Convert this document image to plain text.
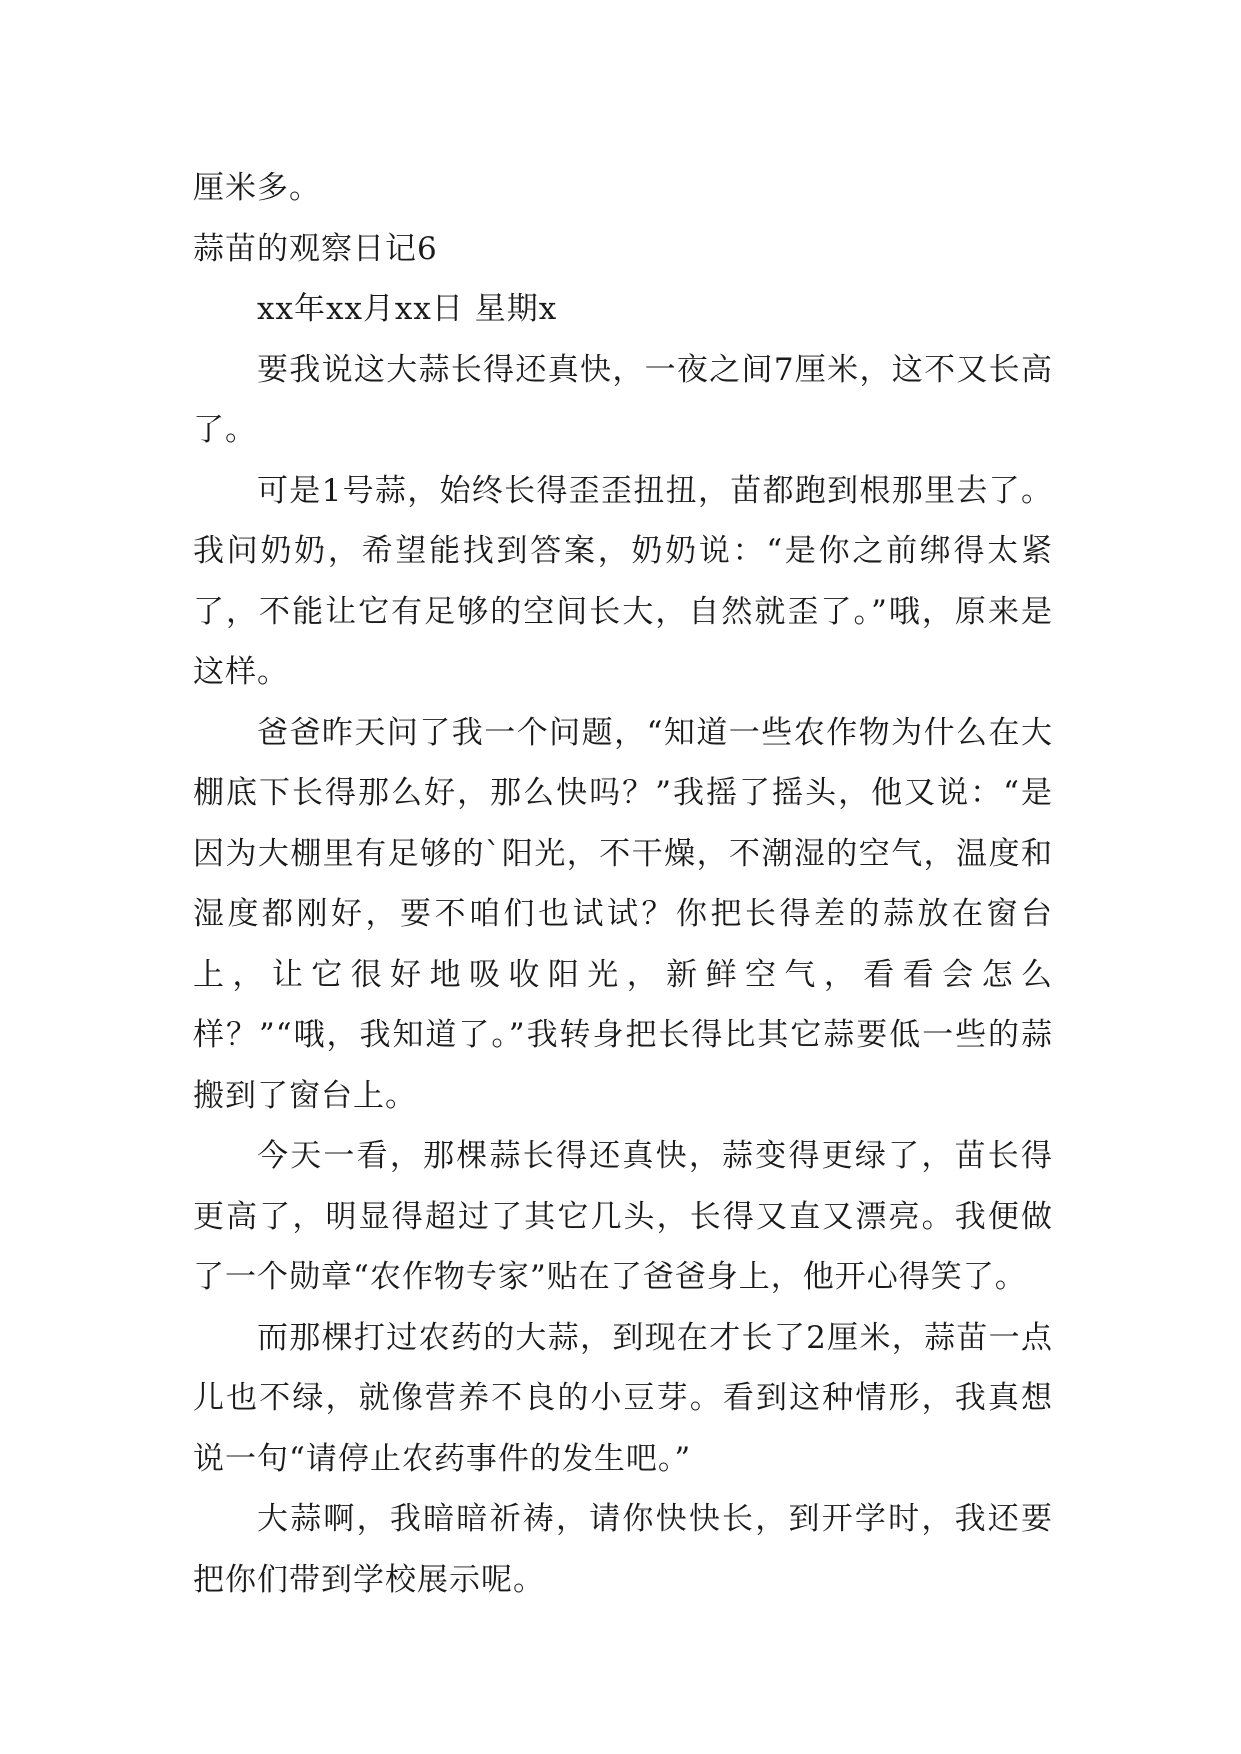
厘米多。

蒜苗的观察日记6

xx年xx月xx日 星期x

要我说这大蒜长得还真快，一夜之间7厘米，这不又长高了。

可是1号蒜，始终长得歪歪扭扭，苗都跑到根那里去了。我问奶奶，希望能找到答案，奶奶说：“是你之前绑得太紧了，不能让它有足够的空间长大，自然就歪了。”哦，原来是这样。

爸爸昨天问了我一个问题，“知道一些农作物为什么在大棚底下长得那么好，那么快吗？”我摇了摇头，他又说：“是因为大棚里有足够的`阳光，不干燥，不潮湿的空气，温度和湿度都刚好，要不咱们也试试？你把长得差的蒜放在窗台上，让它很好地吸收阳光，新鲜空气，看看会怎么样？”“哦，我知道了。”我转身把长得比其它蒜要低一些的蒜搬到了窗台上。

今天一看，那棵蒜长得还真快，蒜变得更绿了，苗长得更高了，明显得超过了其它几头，长得又直又漂亮。我便做了一个勋章“农作物专家”贴在了爸爸身上，他开心得笑了。

而那棵打过农药的大蒜，到现在才长了2厘米，蒜苗一点儿也不绿，就像营养不良的小豆芽。看到这种情形，我真想说一句“请停止农药事件的发生吧。”

大蒜啊，我暗暗祈祷，请你快快长，到开学时，我还要把你们带到学校展示呢。
